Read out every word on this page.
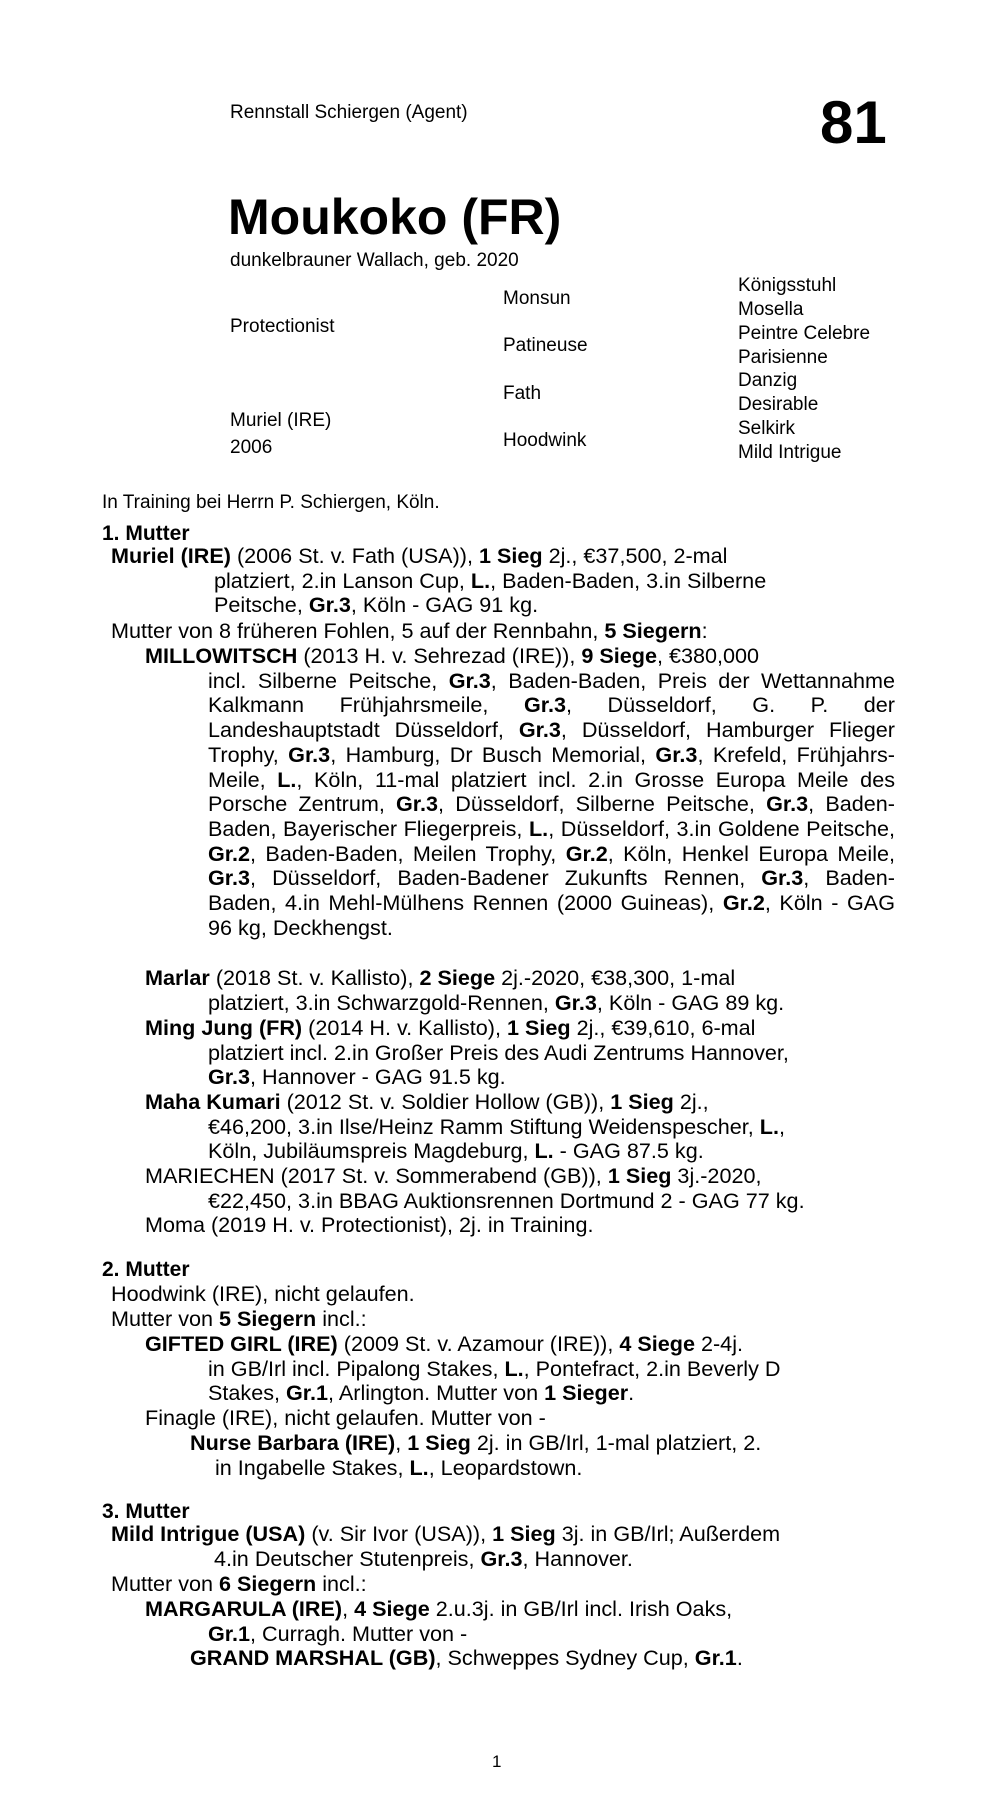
Rennstall Schiergen (Agent)	81
Moukoko (FR)
dunkelbrauner Wallach, geb. 2020
Protectionist
Muriel (IRE)
2006
Monsun
Patineuse
Fath
Hoodwink
Königsstuhl
Mosella
Peintre Celebre
Parisienne
Danzig
Desirable
Selkirk
Mild Intrigue
In Training bei Herrn P. Schiergen, Köln.
1. Mutter
Muriel (IRE) (2006 St. v. Fath (USA)), 1 Sieg 2j., €37,500, 2-mal
platziert, 2.in Lanson Cup, L., Baden-Baden, 3.in Silberne
Peitsche, Gr.3, Köln - GAG 91 kg.
Mutter von 8 früheren Fohlen, 5 auf der Rennbahn, 5 Siegern:
MILLOWITSCH (2013 H. v. Sehrezad (IRE)), 9 Siege, €380,000
incl. Silberne Peitsche, Gr.3, Baden-Baden, Preis der Wettannahme Kalkmann Frühjahrsmeile, Gr.3, Düsseldorf, G. P. der Landeshauptstadt Düsseldorf, Gr.3, Düsseldorf, Hamburger Flieger Trophy, Gr.3, Hamburg, Dr Busch Memorial, Gr.3, Krefeld, Frühjahrs-Meile, L., Köln, 11-mal platziert incl. 2.in Grosse Europa Meile des Porsche Zentrum, Gr.3, Düsseldorf, Silberne Peitsche, Gr.3, Baden-Baden, Bayerischer Fliegerpreis, L., Düsseldorf, 3.in Goldene Peitsche, Gr.2, Baden-Baden, Meilen Trophy, Gr.2, Köln, Henkel Europa Meile, Gr.3, Düsseldorf, Baden-Badener Zukunfts Rennen, Gr.3, Baden-Baden, 4.in Mehl-Mülhens Rennen (2000 Guineas), Gr.2, Köln - GAG 96 kg, Deckhengst.
Marlar (2018 St. v. Kallisto), 2 Siege 2j.-2020, €38,300, 1-mal
platziert, 3.in Schwarzgold-Rennen, Gr.3, Köln - GAG 89 kg.
Ming Jung (FR) (2014 H. v. Kallisto), 1 Sieg 2j., €39,610, 6-mal
platziert incl. 2.in Großer Preis des Audi Zentrums Hannover,
Gr.3, Hannover - GAG 91.5 kg.
Maha Kumari (2012 St. v. Soldier Hollow (GB)), 1 Sieg 2j.,
€46,200, 3.in Ilse/Heinz Ramm Stiftung Weidenspescher, L.,
Köln, Jubiläumspreis Magdeburg, L. - GAG 87.5 kg.
MARIECHEN (2017 St. v. Sommerabend (GB)), 1 Sieg 3j.-2020,
€22,450, 3.in BBAG Auktionsrennen Dortmund 2 - GAG 77 kg.
Moma (2019 H. v. Protectionist), 2j. in Training.
2. Mutter
Hoodwink (IRE), nicht gelaufen.
Mutter von 5 Siegern incl.:
GIFTED GIRL (IRE) (2009 St. v. Azamour (IRE)), 4 Siege 2-4j.
in GB/Irl incl. Pipalong Stakes, L., Pontefract, 2.in Beverly D
Stakes, Gr.1, Arlington. Mutter von 1 Sieger.
Finagle (IRE), nicht gelaufen. Mutter von -
Nurse Barbara (IRE), 1 Sieg 2j. in GB/Irl, 1-mal platziert, 2.
in Ingabelle Stakes, L., Leopardstown.
3. Mutter
Mild Intrigue (USA) (v. Sir Ivor (USA)), 1 Sieg 3j. in GB/Irl; Außerdem
4.in Deutscher Stutenpreis, Gr.3, Hannover.
Mutter von 6 Siegern incl.:
MARGARULA (IRE), 4 Siege 2.u.3j. in GB/Irl incl. Irish Oaks,
Gr.1, Curragh. Mutter von -
GRAND MARSHAL (GB), Schweppes Sydney Cup, Gr.1.
1
